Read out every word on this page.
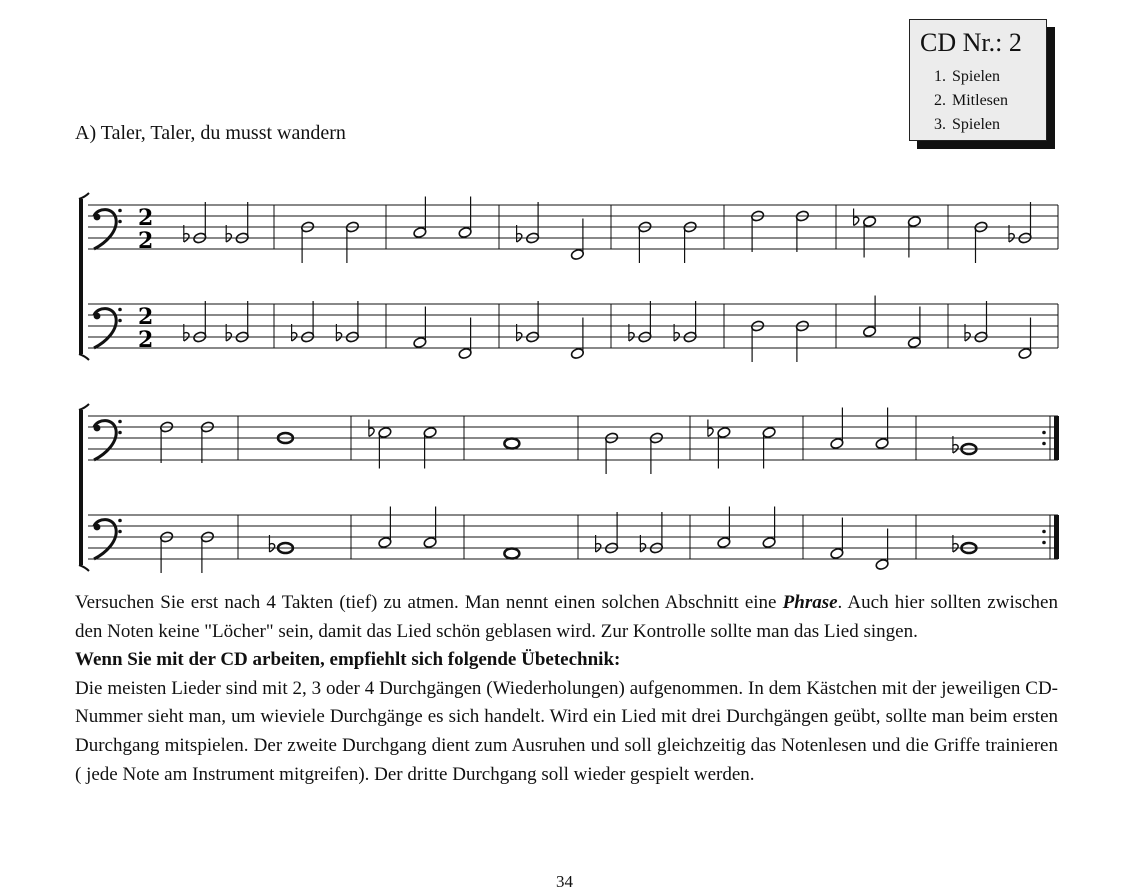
CD Nr.: 2
1. Spielen
2. Mitlesen
3. Spielen
A) Taler, Taler, du musst wandern
2
2
2
2

Versuchen Sie erst nach 4 Takten (tief) zu atmen. Man nennt einen solchen Abschnitt eine Phrase. Auch hier sollten zwischen den Noten keine "Löcher" sein, damit das Lied schön geblasen wird. Zur Kontrolle sollte man das Lied singen.

Wenn Sie mit der CD arbeiten, empfiehlt sich folgende Übetechnik:

Die meisten Lieder sind mit 2, 3 oder 4 Durchgängen (Wiederholungen) aufgenommen. In dem Kästchen mit der jeweiligen CD-Nummer sieht man, um wieviele Durchgänge es sich handelt. Wird ein Lied mit drei Durchgängen geübt, sollte man beim ersten Durchgang mitspielen. Der zweite Durchgang dient zum Ausruhen und soll gleichzeitig das Notenlesen und die Griffe trainieren ( jede Note am Instrument mitgreifen). Der dritte Durchgang soll wieder gespielt werden.

34
